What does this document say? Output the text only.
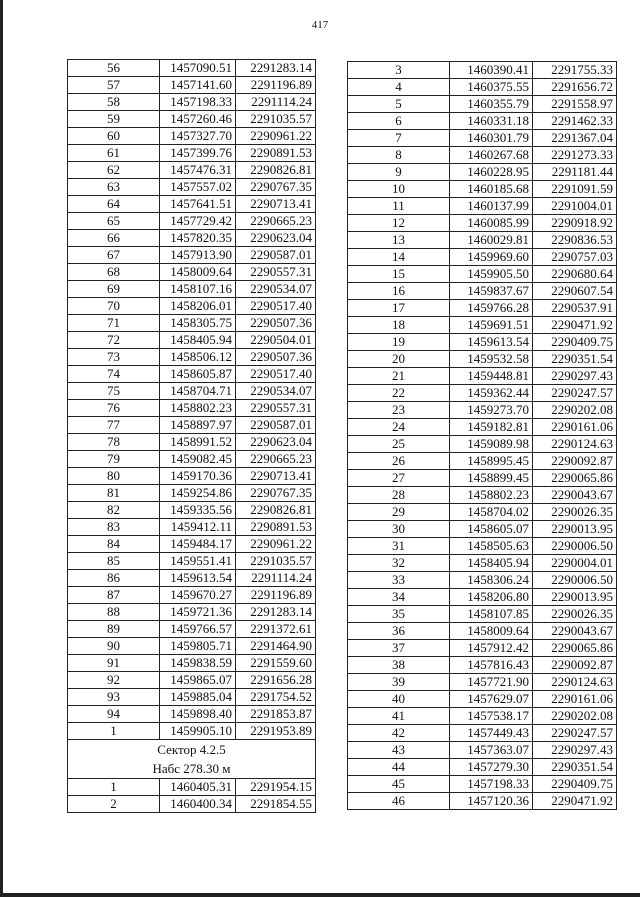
417
56	1457090.51	2291283.14
57	1457141.60	2291196.89
58	1457198.33	2291114.24
59	1457260.46	2291035.57
60	1457327.70	2290961.22
61	1457399.76	2290891.53
62	1457476.31	2290826.81
63	1457557.02	2290767.35
64	1457641.51	2290713.41
65	1457729.42	2290665.23
66	1457820.35	2290623.04
67	1457913.90	2290587.01
68	1458009.64	2290557.31
69	1458107.16	2290534.07
70	1458206.01	2290517.40
71	1458305.75	2290507.36
72	1458405.94	2290504.01
73	1458506.12	2290507.36
74	1458605.87	2290517.40
75	1458704.71	2290534.07
76	1458802.23	2290557.31
77	1458897.97	2290587.01
78	1458991.52	2290623.04
79	1459082.45	2290665.23
80	1459170.36	2290713.41
81	1459254.86	2290767.35
82	1459335.56	2290826.81
83	1459412.11	2290891.53
84	1459484.17	2290961.22
85	1459551.41	2291035.57
86	1459613.54	2291114.24
87	1459670.27	2291196.89
88	1459721.36	2291283.14
89	1459766.57	2291372.61
90	1459805.71	2291464.90
91	1459838.59	2291559.60
92	1459865.07	2291656.28
93	1459885.04	2291754.52
94	1459898.40	2291853.87
1	1459905.10	2291953.89

Сектор 4.2.5
Набс 278.30 м		

1	1460405.31	2291954.15
2	1460400.34	2291854.55
3	1460390.41	2291755.33
4	1460375.55	2291656.72
5	1460355.79	2291558.97
6	1460331.18	2291462.33
7	1460301.79	2291367.04
8	1460267.68	2291273.33
9	1460228.95	2291181.44
10	1460185.68	2291091.59
11	1460137.99	2291004.01
12	1460085.99	2290918.92
13	1460029.81	2290836.53
14	1459969.60	2290757.03
15	1459905.50	2290680.64
16	1459837.67	2290607.54
17	1459766.28	2290537.91
18	1459691.51	2290471.92
19	1459613.54	2290409.75
20	1459532.58	2290351.54
21	1459448.81	2290297.43
22	1459362.44	2290247.57
23	1459273.70	2290202.08
24	1459182.81	2290161.06
25	1459089.98	2290124.63
26	1458995.45	2290092.87
27	1458899.45	2290065.86
28	1458802.23	2290043.67
29	1458704.02	2290026.35
30	1458605.07	2290013.95
31	1458505.63	2290006.50
32	1458405.94	2290004.01
33	1458306.24	2290006.50
34	1458206.80	2290013.95
35	1458107.85	2290026.35
36	1458009.64	2290043.67
37	1457912.42	2290065.86
38	1457816.43	2290092.87
39	1457721.90	2290124.63
40	1457629.07	2290161.06
41	1457538.17	2290202.08
42	1457449.43	2290247.57
43	1457363.07	2290297.43
44	1457279.30	2290351.54
45	1457198.33	2290409.75
46	1457120.36	2290471.92
